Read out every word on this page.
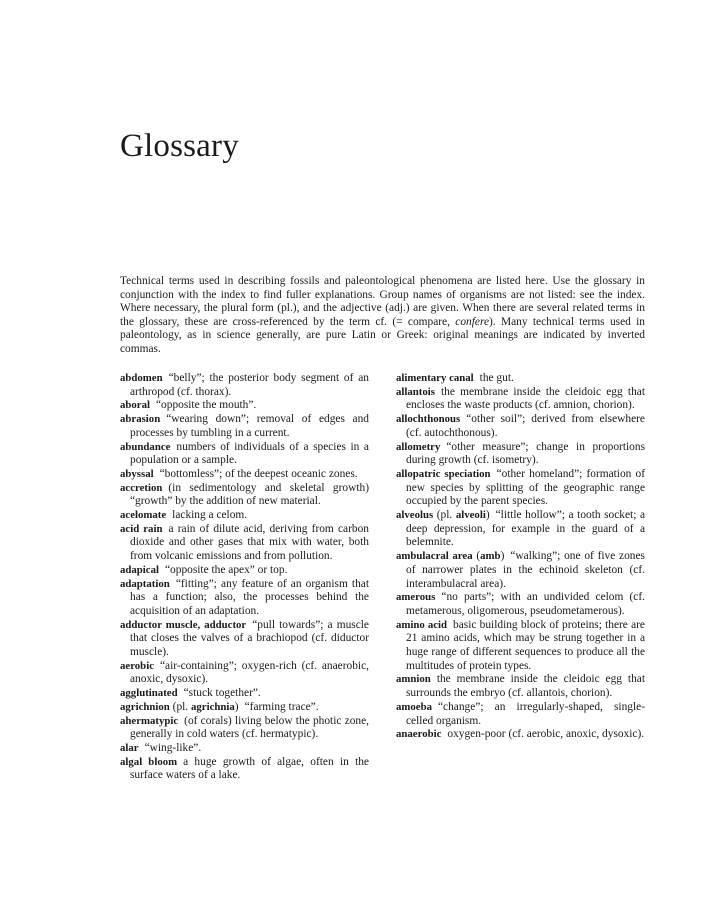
Glossary

Technical terms used in describing fossils and paleontological phenomena are listed here. Use the glossary in conjunction with the index to find fuller explanations. Group names of organisms are not listed: see the index. Where necessary, the plural form (pl.), and the adjective (adj.) are given. When there are several related terms in the glossary, these are cross-referenced by the term cf. (= compare, confere). Many technical terms used in paleontology, as in science generally, are pure Latin or Greek: original meanings are indicated by inverted commas.

abdomen “belly”; the posterior body segment of an arthropod (cf. thorax).

aboral “opposite the mouth”.

abrasion “wearing down”; removal of edges and processes by tumbling in a current.

abundance numbers of individuals of a species in a population or a sample.

abyssal “bottomless”; of the deepest oceanic zones.

accretion (in sedimentology and skeletal growth) “growth” by the addition of new material.

acelomate lacking a celom.

acid rain a rain of dilute acid, deriving from carbon dioxide and other gases that mix with water, both from volcanic emissions and from pollution.

adapical “opposite the apex” or top.

adaptation “fitting”; any feature of an organism that has a function; also, the processes behind the acquisition of an adaptation.

adductor muscle, adductor “pull towards”; a muscle that closes the valves of a brachiopod (cf. diductor muscle).

aerobic “air-containing”; oxygen-rich (cf. anaerobic, anoxic, dysoxic).

agglutinated “stuck together”.

agrichnion (pl. agrichnia) “farming trace”.

ahermatypic (of corals) living below the photic zone, generally in cold waters (cf. hermatypic).

alar “wing-like”.

algal bloom a huge growth of algae, often in the surface waters of a lake.

alimentary canal the gut.

allantois the membrane inside the cleidoic egg that encloses the waste products (cf. amnion, chorion).

allochthonous “other soil”; derived from elsewhere (cf. autochthonous).

allometry “other measure”; change in proportions during growth (cf. isometry).

allopatric speciation “other homeland”; formation of new species by splitting of the geographic range occupied by the parent species.

alveolus (pl. alveoli) “little hollow”; a tooth socket; a deep depression, for example in the guard of a belemnite.

ambulacral area (amb) “walking”; one of five zones of narrower plates in the echinoid skeleton (cf. interambulacral area).

amerous “no parts”; with an undivided celom (cf. metamerous, oligomerous, pseudometamerous).

amino acid basic building block of proteins; there are 21 amino acids, which may be strung together in a huge range of different sequences to produce all the multitudes of protein types.

amnion the membrane inside the cleidoic egg that surrounds the embryo (cf. allantois, chorion).

amoeba “change”; an irregularly-shaped, single-celled organism.

anaerobic oxygen-poor (cf. aerobic, anoxic, dysoxic).
